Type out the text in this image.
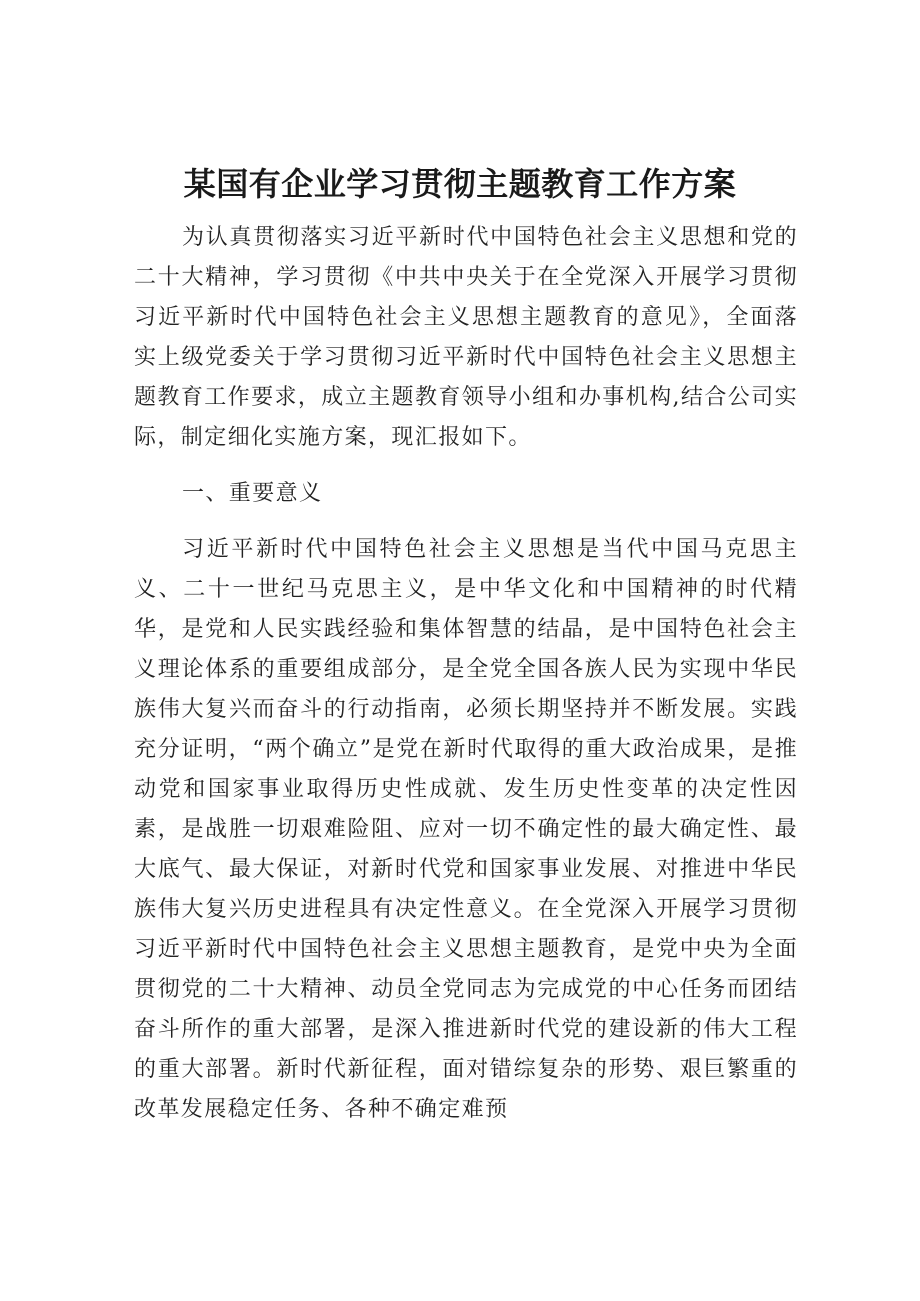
某国有企业学习贯彻主题教育工作方案

为认真贯彻落实习近平新时代中国特色社会主义思想和党的二十大精神，学习贯彻《中共中央关于在全党深入开展学习贯彻习近平新时代中国特色社会主义思想主题教育的意见》，全面落实上级党委关于学习贯彻习近平新时代中国特色社会主义思想主题教育工作要求，成立主题教育领导小组和办事机构,结合公司实际，制定细化实施方案，现汇报如下。

一、重要意义

习近平新时代中国特色社会主义思想是当代中国马克思主义、二十一世纪马克思主义，是中华文化和中国精神的时代精华，是党和人民实践经验和集体智慧的结晶，是中国特色社会主义理论体系的重要组成部分，是全党全国各族人民为实现中华民族伟大复兴而奋斗的行动指南，必须长期坚持并不断发展。实践充分证明，“两个确立”是党在新时代取得的重大政治成果，是推动党和国家事业取得历史性成就、发生历史性变革的决定性因素，是战胜一切艰难险阻、应对一切不确定性的最大确定性、最大底气、最大保证，对新时代党和国家事业发展、对推进中华民族伟大复兴历史进程具有决定性意义。在全党深入开展学习贯彻习近平新时代中国特色社会主义思想主题教育，是党中央为全面贯彻党的二十大精神、动员全党同志为完成党的中心任务而团结奋斗所作的重大部署，是深入推进新时代党的建设新的伟大工程的重大部署。新时代新征程，面对错综复杂的形势、艰巨繁重的改革发展稳定任务、各种不确定难预
